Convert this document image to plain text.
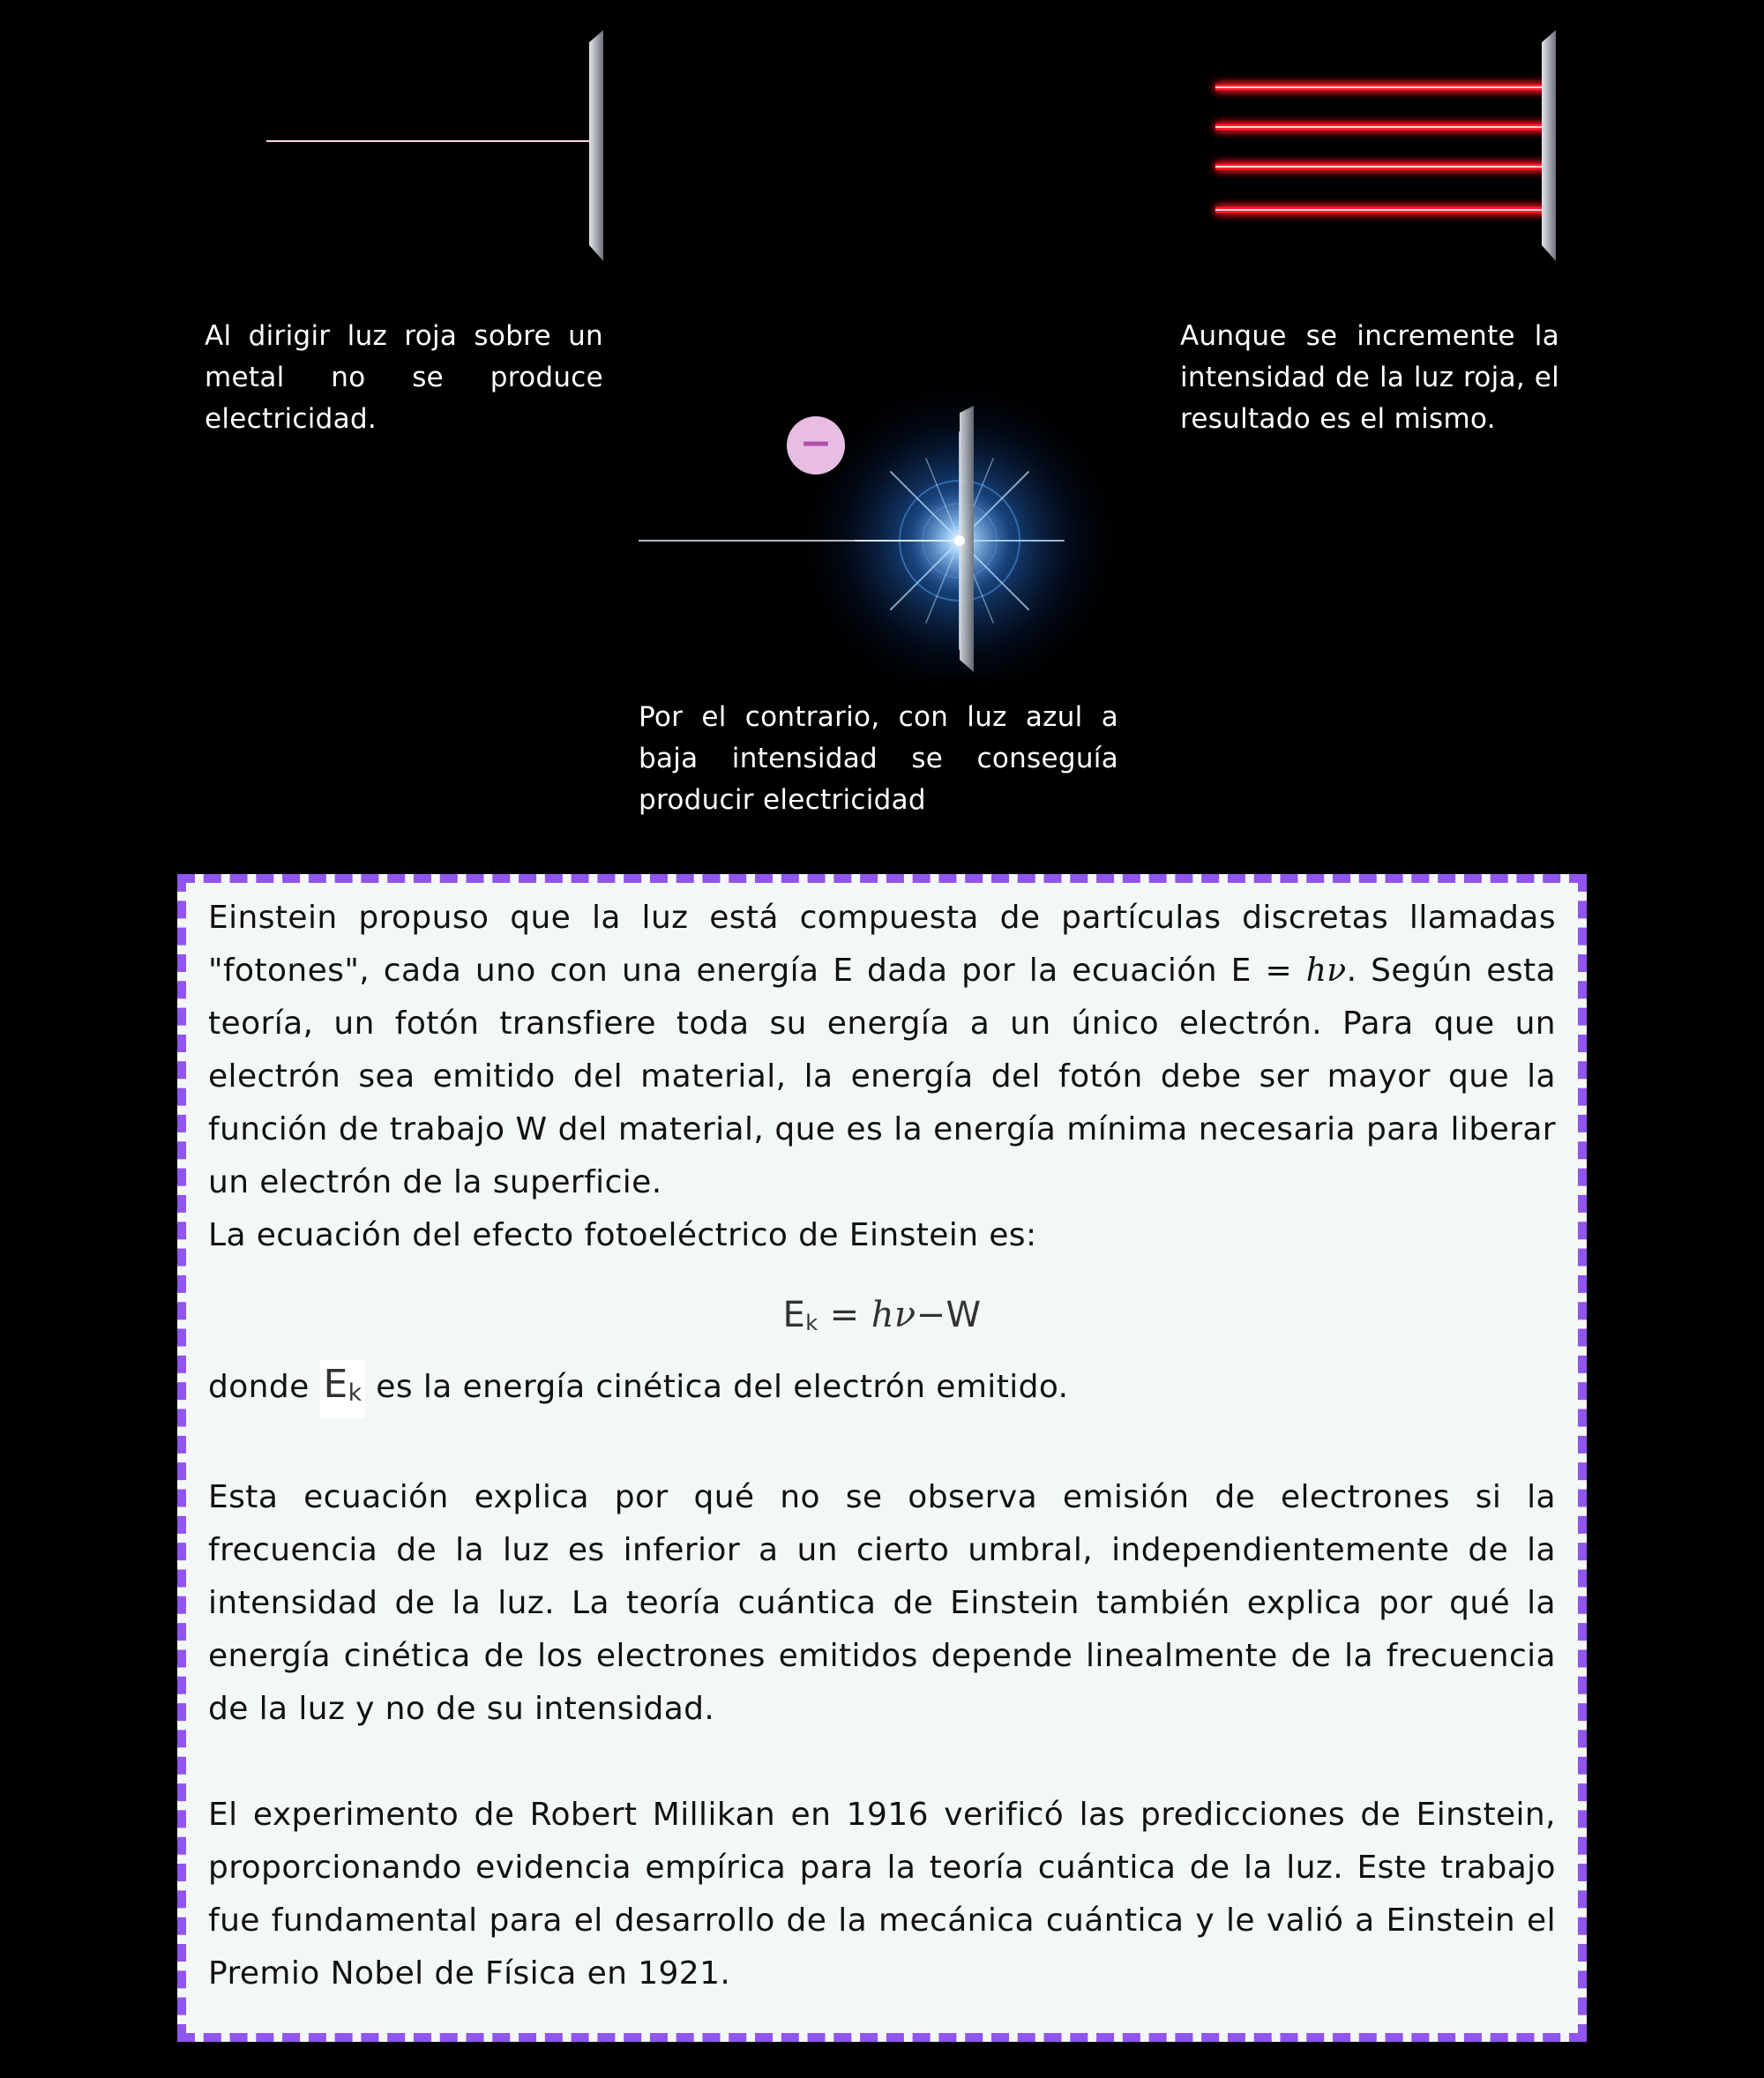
−
Al dirigir luz roja sobre un metal no se produce electricidad.
Aunque se incremente la intensidad de la luz roja, el resultado es el mismo.
Por el contrario, con luz azul a baja intensidad se conseguía producir electricidad

Einstein propuso que la luz está compuesta de partículas discretas llamadas "fotones", cada uno con una energía E dada por la ecuación E = hν. Según esta teoría, un fotón transfiere toda su energía a un único electrón. Para que un electrón sea emitido del material, la energía del fotón debe ser mayor que la función de trabajo W del material, que es la energía mínima necesaria para liberar un electrón de la superficie.

La ecuación del efecto fotoeléctrico de Einstein es:

Ek = hν−W

donde Ek es la energía cinética del electrón emitido.

Esta ecuación explica por qué no se observa emisión de electrones si la frecuencia de la luz es inferior a un cierto umbral, independientemente de la intensidad de la luz. La teoría cuántica de Einstein también explica por qué la energía cinética de los electrones emitidos depende linealmente de la frecuencia de la luz y no de su intensidad.

El experimento de Robert Millikan en 1916 verificó las predicciones de Einstein, proporcionando evidencia empírica para la teoría cuántica de la luz. Este trabajo fue fundamental para el desarrollo de la mecánica cuántica y le valió a Einstein el Premio Nobel de Física en 1921.
